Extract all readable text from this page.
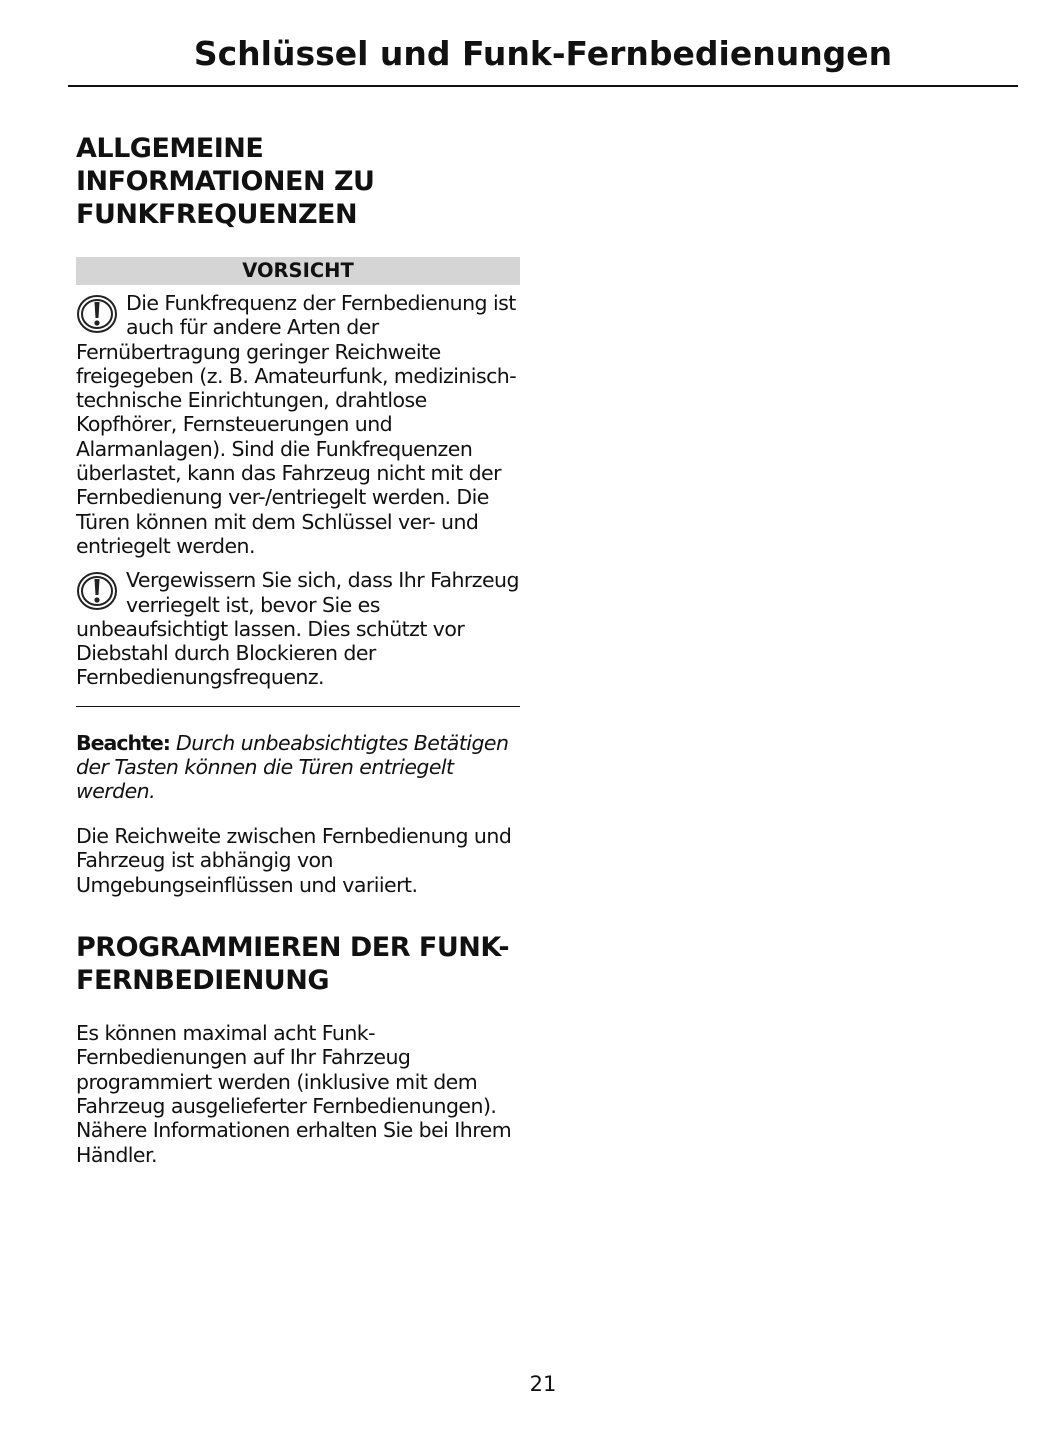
Schlüssel und Funk-Fernbedienungen
ALLGEMEINE INFORMATIONEN ZU FUNKFREQUENZEN
VORSICHT
Die Funkfrequenz der Fernbedienung ist auch für andere Arten der Fernübertragung geringer Reichweite freigegeben (z. B. Amateurfunk, medizinisch-technische Einrichtungen, drahtlose Kopfhörer, Fernsteuerungen und Alarmanlagen). Sind die Funkfrequenzen überlastet, kann das Fahrzeug nicht mit der Fernbedienung ver-/entriegelt werden. Die Türen können mit dem Schlüssel ver- und entriegelt werden.
Vergewissern Sie sich, dass Ihr Fahrzeug verriegelt ist, bevor Sie es unbeaufsichtigt lassen. Dies schützt vor Diebstahl durch Blockieren der Fernbedienungsfrequenz.

Beachte: Durch unbeabsichtigtes Betätigen der Tasten können die Türen entriegelt werden.

Die Reichweite zwischen Fernbedienung und Fahrzeug ist abhängig von Umgebungseinflüssen und variiert.

PROGRAMMIEREN DER FUNK-FERNBEDIENUNG

Es können maximal acht Funk-Fernbedienungen auf Ihr Fahrzeug programmiert werden (inklusive mit dem Fahrzeug ausgelieferter Fernbedienungen). Nähere Informationen erhalten Sie bei Ihrem Händler.

21
